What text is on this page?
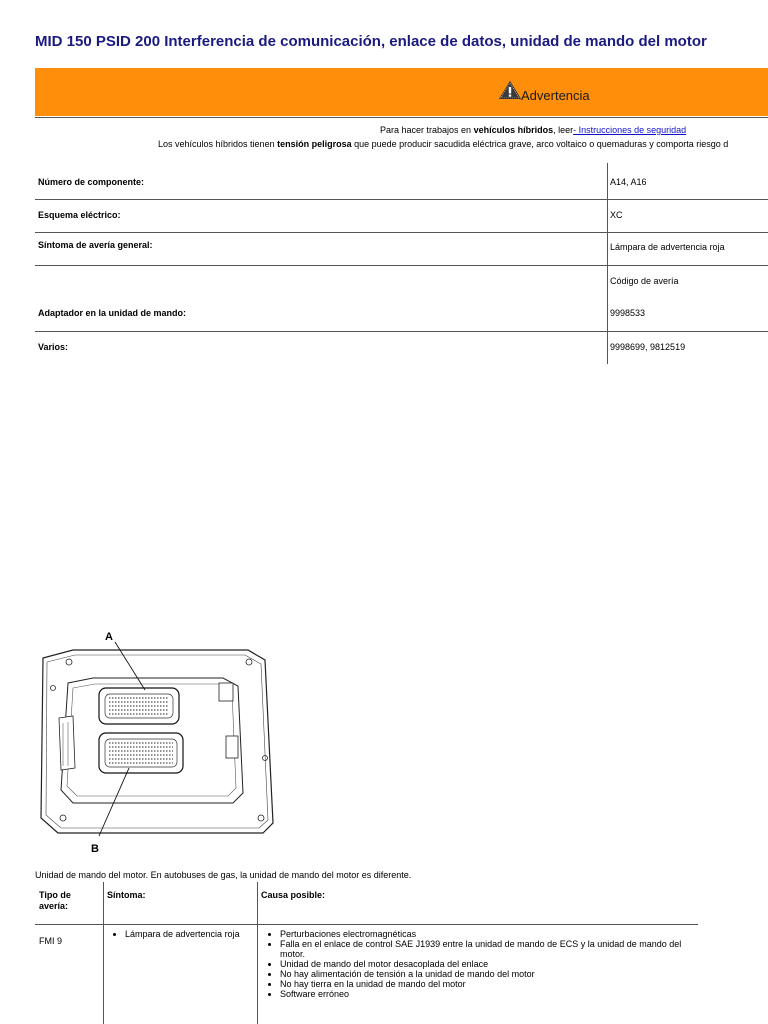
MID 150 PSID 200 Interferencia de comunicación, enlace de datos, unidad de mando del motor
Advertencia
Para hacer trabajos en vehículos híbridos, leer- Instrucciones de seguridad
Los vehículos híbridos tienen tensión peligrosa que puede producir sacudida eléctrica grave, arco voltaico o quemaduras y comporta riesgo d
Número de componente:	A14, A16
Esquema eléctrico:	XC
Síntoma de avería general:	Lámpara de advertencia roja
Código de avería
Adaptador en la unidad de mando:	9998533
Varios:	9998699, 9812519
A
B
Unidad de mando del motor. En autobuses de gas, la unidad de mando del motor es diferente.
Tipo de avería:
Síntoma:	Causa posible:
FMI 9
• Lámpara de advertencia roja
•	Perturbaciones electromagnéticas
• Falla en el enlace de control SAE J1939 entre la unidad de mando de ECS y la unidad de mando del motor.
• Unidad de mando del motor desacoplada del enlace
• No hay alimentación de tensión a la unidad de mando del motor
• No hay tierra en la unidad de mando del motor
• Software erróneo
